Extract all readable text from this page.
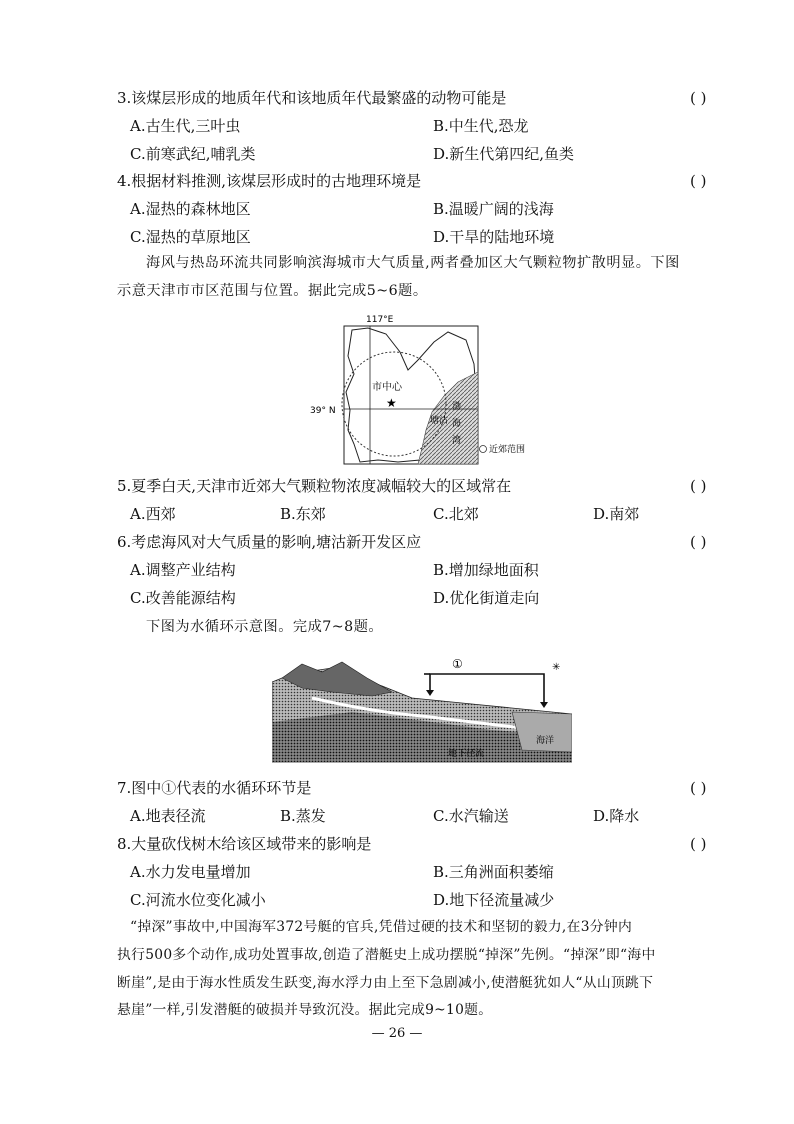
3.该煤层形成的地质年代和该地质年代最繁盛的动物可能是	( )
A.古生代,三叶虫	B.中生代,恐龙
C.前寒武纪,哺乳类	D.新生代第四纪,鱼类
4.根据材料推测,该煤层形成时的古地理环境是	( )
A.湿热的森林地区	B.温暖广阔的浅海
C.湿热的草原地区	D.干旱的陆地环境
海风与热岛环流共同影响滨海城市大气质量,两者叠加区大气颗粒物扩散明显。下图
示意天津市市区范围与位置。据此完成5~6题。
117°E
39° N
市中心
★
塘沽
渤
海
湾
近郊范围
5.夏季白天,天津市近郊大气颗粒物浓度减幅较大的区域常在	( )
A.西郊	B.东郊	C.北郊	D.南郊
6.考虑海风对大气质量的影响,塘沽新开发区应	( )
A.调整产业结构	B.增加绿地面积
C.改善能源结构	D.优化街道走向
下图为水循环示意图。完成7~8题。
海洋
①	✳
地下径流
7.图中①代表的水循环环节是	( )
A.地表径流	B.蒸发	C.水汽输送	D.降水
8.大量砍伐树木给该区域带来的影响是	( )
A.水力发电量增加	B.三角洲面积萎缩
C.河流水位变化减小	D.地下径流量减少
“掉深”事故中,中国海军372号艇的官兵,凭借过硬的技术和坚韧的毅力,在3分钟内
执行500多个动作,成功处置事故,创造了潜艇史上成功摆脱“掉深”先例。“掉深”即“海中
断崖”,是由于海水性质发生跃变,海水浮力由上至下急剧减小,使潜艇犹如人“从山顶跳下
悬崖”一样,引发潜艇的破损并导致沉没。据此完成9~10题。
— 26 —
